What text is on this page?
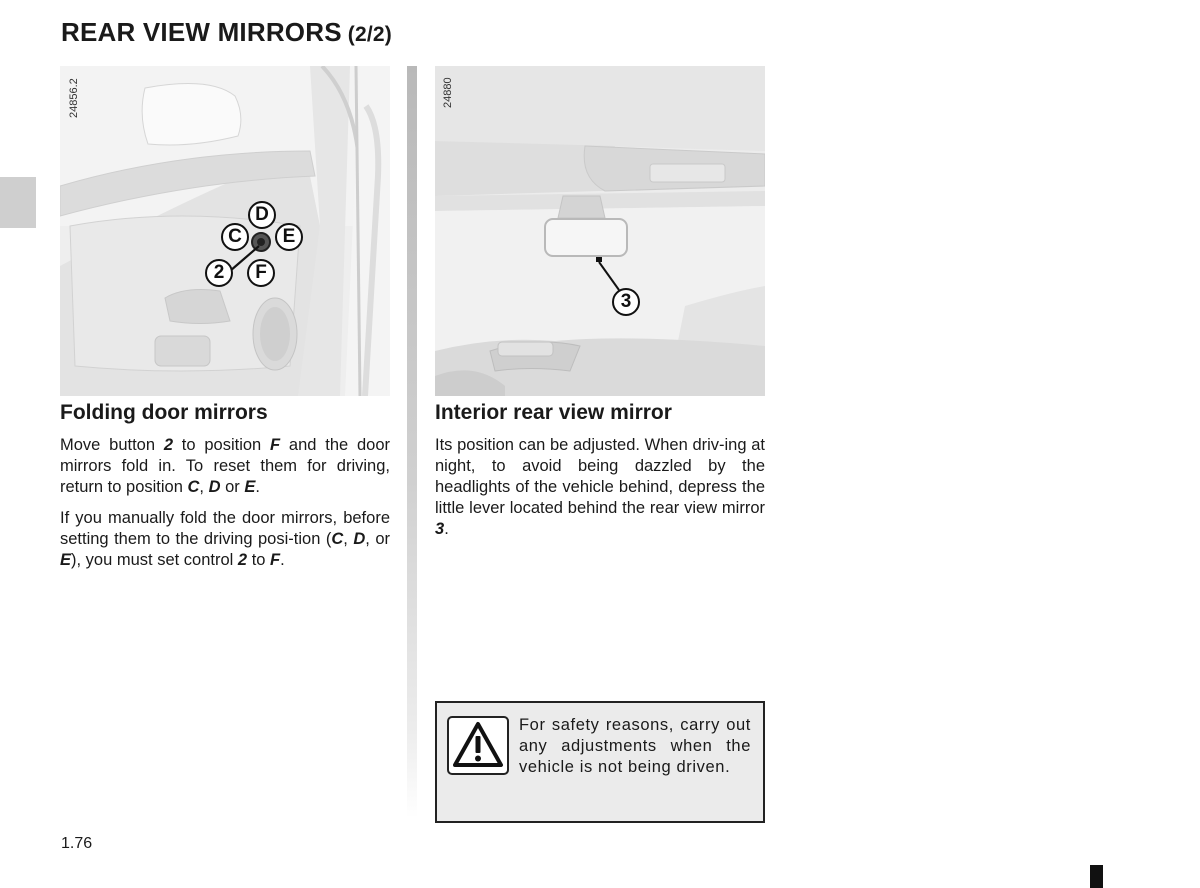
REAR VIEW MIRRORS (2/2)
24856.2
D
C	E
2	F
24880
3
Folding door mirrors

Move button 2 to position F and the door mirrors fold in. To reset them for driving, return to position C, D or E.

If you manually fold the door mirrors, before setting them to the driving posi-tion (C, D, or E), you must set control 2 to F.

Interior rear view mirror

Its position can be adjusted. When driv-ing at night, to avoid being dazzled by the headlights of the vehicle behind, depress the little lever located behind the rear view mirror 3.

For safety reasons, carry out any adjustments when the vehicle is not being driven.

1.76
